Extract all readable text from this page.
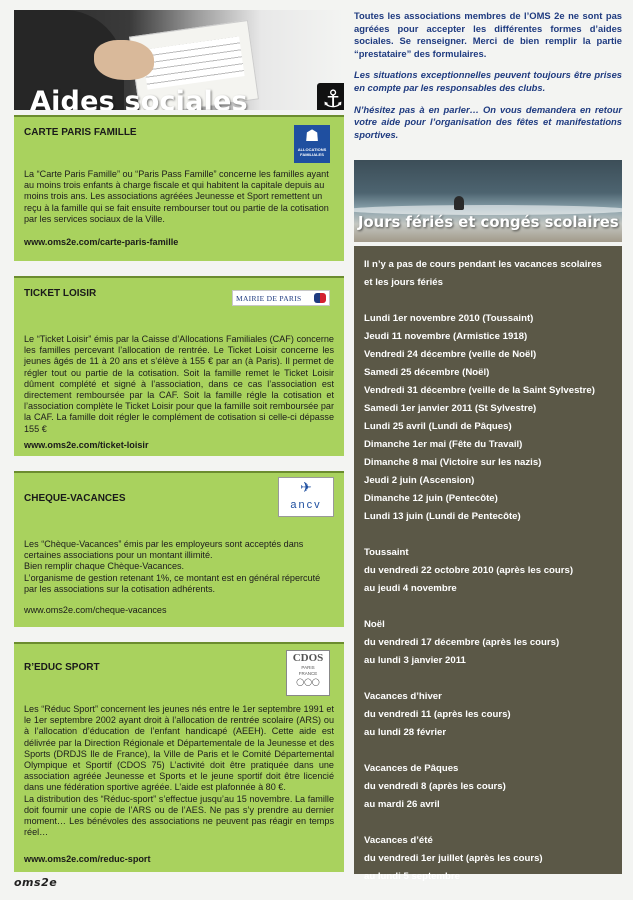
Aides sociales	⚓
CARTE PARIS FAMILLE	☗
ALLOCATIONS FAMILIALES
La “Carte Paris Famille” ou “Paris Pass Famille” concerne les familles ayant au moins trois enfants à charge fiscale et qui habitent la capitale depuis au moins trois ans. Les associations agréées Jeunesse et Sport remettent un reçu à la famille qui se fait ensuite rembourser tout ou partie de la cotisation par les services sociaux de la Ville.
www.oms2e.com/carte-paris-famille
TICKET LOISIR	MAIRIE DE PARIS
Le “Ticket Loisir” émis par la Caisse d’Allocations Familiales (CAF) concerne les familles percevant l’allocation de rentrée. Le Ticket Loisir concerne les jeunes âgés de 11 à 20 ans et s’élève à 155 € par an (à Paris). Il permet de régler tout ou partie de la cotisation. Soit la famille remet le Ticket Loisir dûment complété et signé à l’association, dans ce cas l’association est directement remboursée par la CAF. Soit la famille régle la cotisation et l’association complète le Ticket Loisir pour que la famille soit remboursée par la CAF. La famille doit régler le complément de cotisation si celle-ci dépasse 155 €
www.oms2e.com/ticket-loisir
CHEQUE-VACANCES
✈
ancv
Les “Chèque-Vacances” émis par les employeurs sont acceptés dans certaines associations pour un montant illimité.
Bien remplir chaque Chèque-Vacances.
L’organisme de gestion retenant 1%, ce montant est en général répercuté par les associations sur la cotisation adhérents.
www.oms2e.com/cheque-vacances
R’EDUC SPORT
CDOS
PARIS
FRANCE
◯◯◯
Les “Réduc Sport” concernent les jeunes nés entre le 1er septembre 1991 et le 1er septembre 2002 ayant droit à l’allocation de rentrée scolaire (ARS) ou à l’allocation d’éducation de l’enfant handicapé (AEEH). Cette aide est délivrée par la Direction Régionale et Départementale de la Jeunesse et des Sports (DRDJS Ile de France), la Ville de Paris et le Comité Départemental Olympique et Sportif (CDOS 75) L’activité doit être pratiquée dans une association agréée Jeunesse et Sports et le jeune sportif doit être licencié dans une fédération sportive agréée. L’aide est plafonnée à 80 €.
La distribution des “Réduc-sport” s’effectue jusqu’au 15 novembre. La famille doit fournir une copie de l’ARS ou de l’AES. Ne pas s’y prendre au dernier moment… Les bénévoles des associations ne peuvent pas réagir en temps réel…
www.oms2e.com/reduc-sport

Toutes les associations membres de l’OMS 2e ne sont pas agréées pour accepter les différentes formes d’aides sociales. Se renseigner. Merci de bien remplir la partie “prestataire” des formulaires.

Les situations exceptionnelles peuvent toujours être prises en compte par les responsables des clubs.

N’hésitez pas à en parler… On vous demandera en retour votre aide pour l’organisation des fêtes et manifestations sportives.

Jours fériés et congés scolaires
Il n’y a pas de cours pendant les vacances scolaires et les jours fériés
Lundi 1er novembre 2010 (Toussaint)
Jeudi 11 novembre (Armistice 1918)
Vendredi 24 décembre (veille de Noël)
Samedi 25 décembre (Noël)
Vendredi 31 décembre (veille de la Saint Sylvestre)
Samedi 1er janvier 2011 (St Sylvestre)
Lundi 25 avril (Lundi de Pâques)
Dimanche 1er mai (Fête du Travail)
Dimanche 8 mai (Victoire sur les nazis)
Jeudi 2 juin (Ascension)
Dimanche 12 juin (Pentecôte)
Lundi 13 juin (Lundi de Pentecôte)
Toussaint
du vendredi 22 octobre 2010 (après les cours)
au jeudi 4 novembre
Noël
du vendredi 17 décembre (après les cours)
au lundi 3 janvier 2011
Vacances d’hiver
du vendredi 11 (après les cours)
au lundi 28 février
Vacances de Pâques
du vendredi 8 (après les cours)
au mardi 26 avril
Vacances d’été
du vendredi 1er juillet (après les cours)
au lundi 5 septembre
oms2e
